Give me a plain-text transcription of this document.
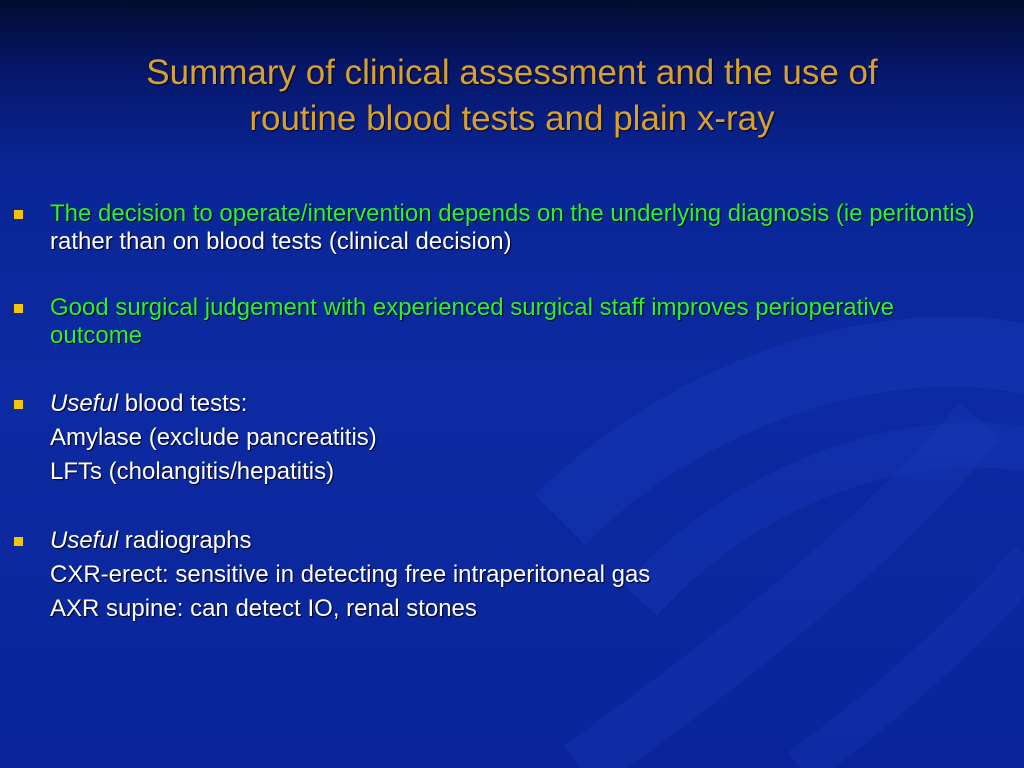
Summary of clinical assessment and the use of
routine blood tests and plain x-ray
The decision to operate/intervention depends on the underlying diagnosis (ie peritontis) rather than on blood tests (clinical decision)
Good surgical judgement with experienced surgical staff improves perioperative outcome
Useful blood tests:
Amylase (exclude pancreatitis)
LFTs (cholangitis/hepatitis)
Useful radiographs
CXR-erect: sensitive in detecting free intraperitoneal gas
AXR supine: can detect IO, renal stones
